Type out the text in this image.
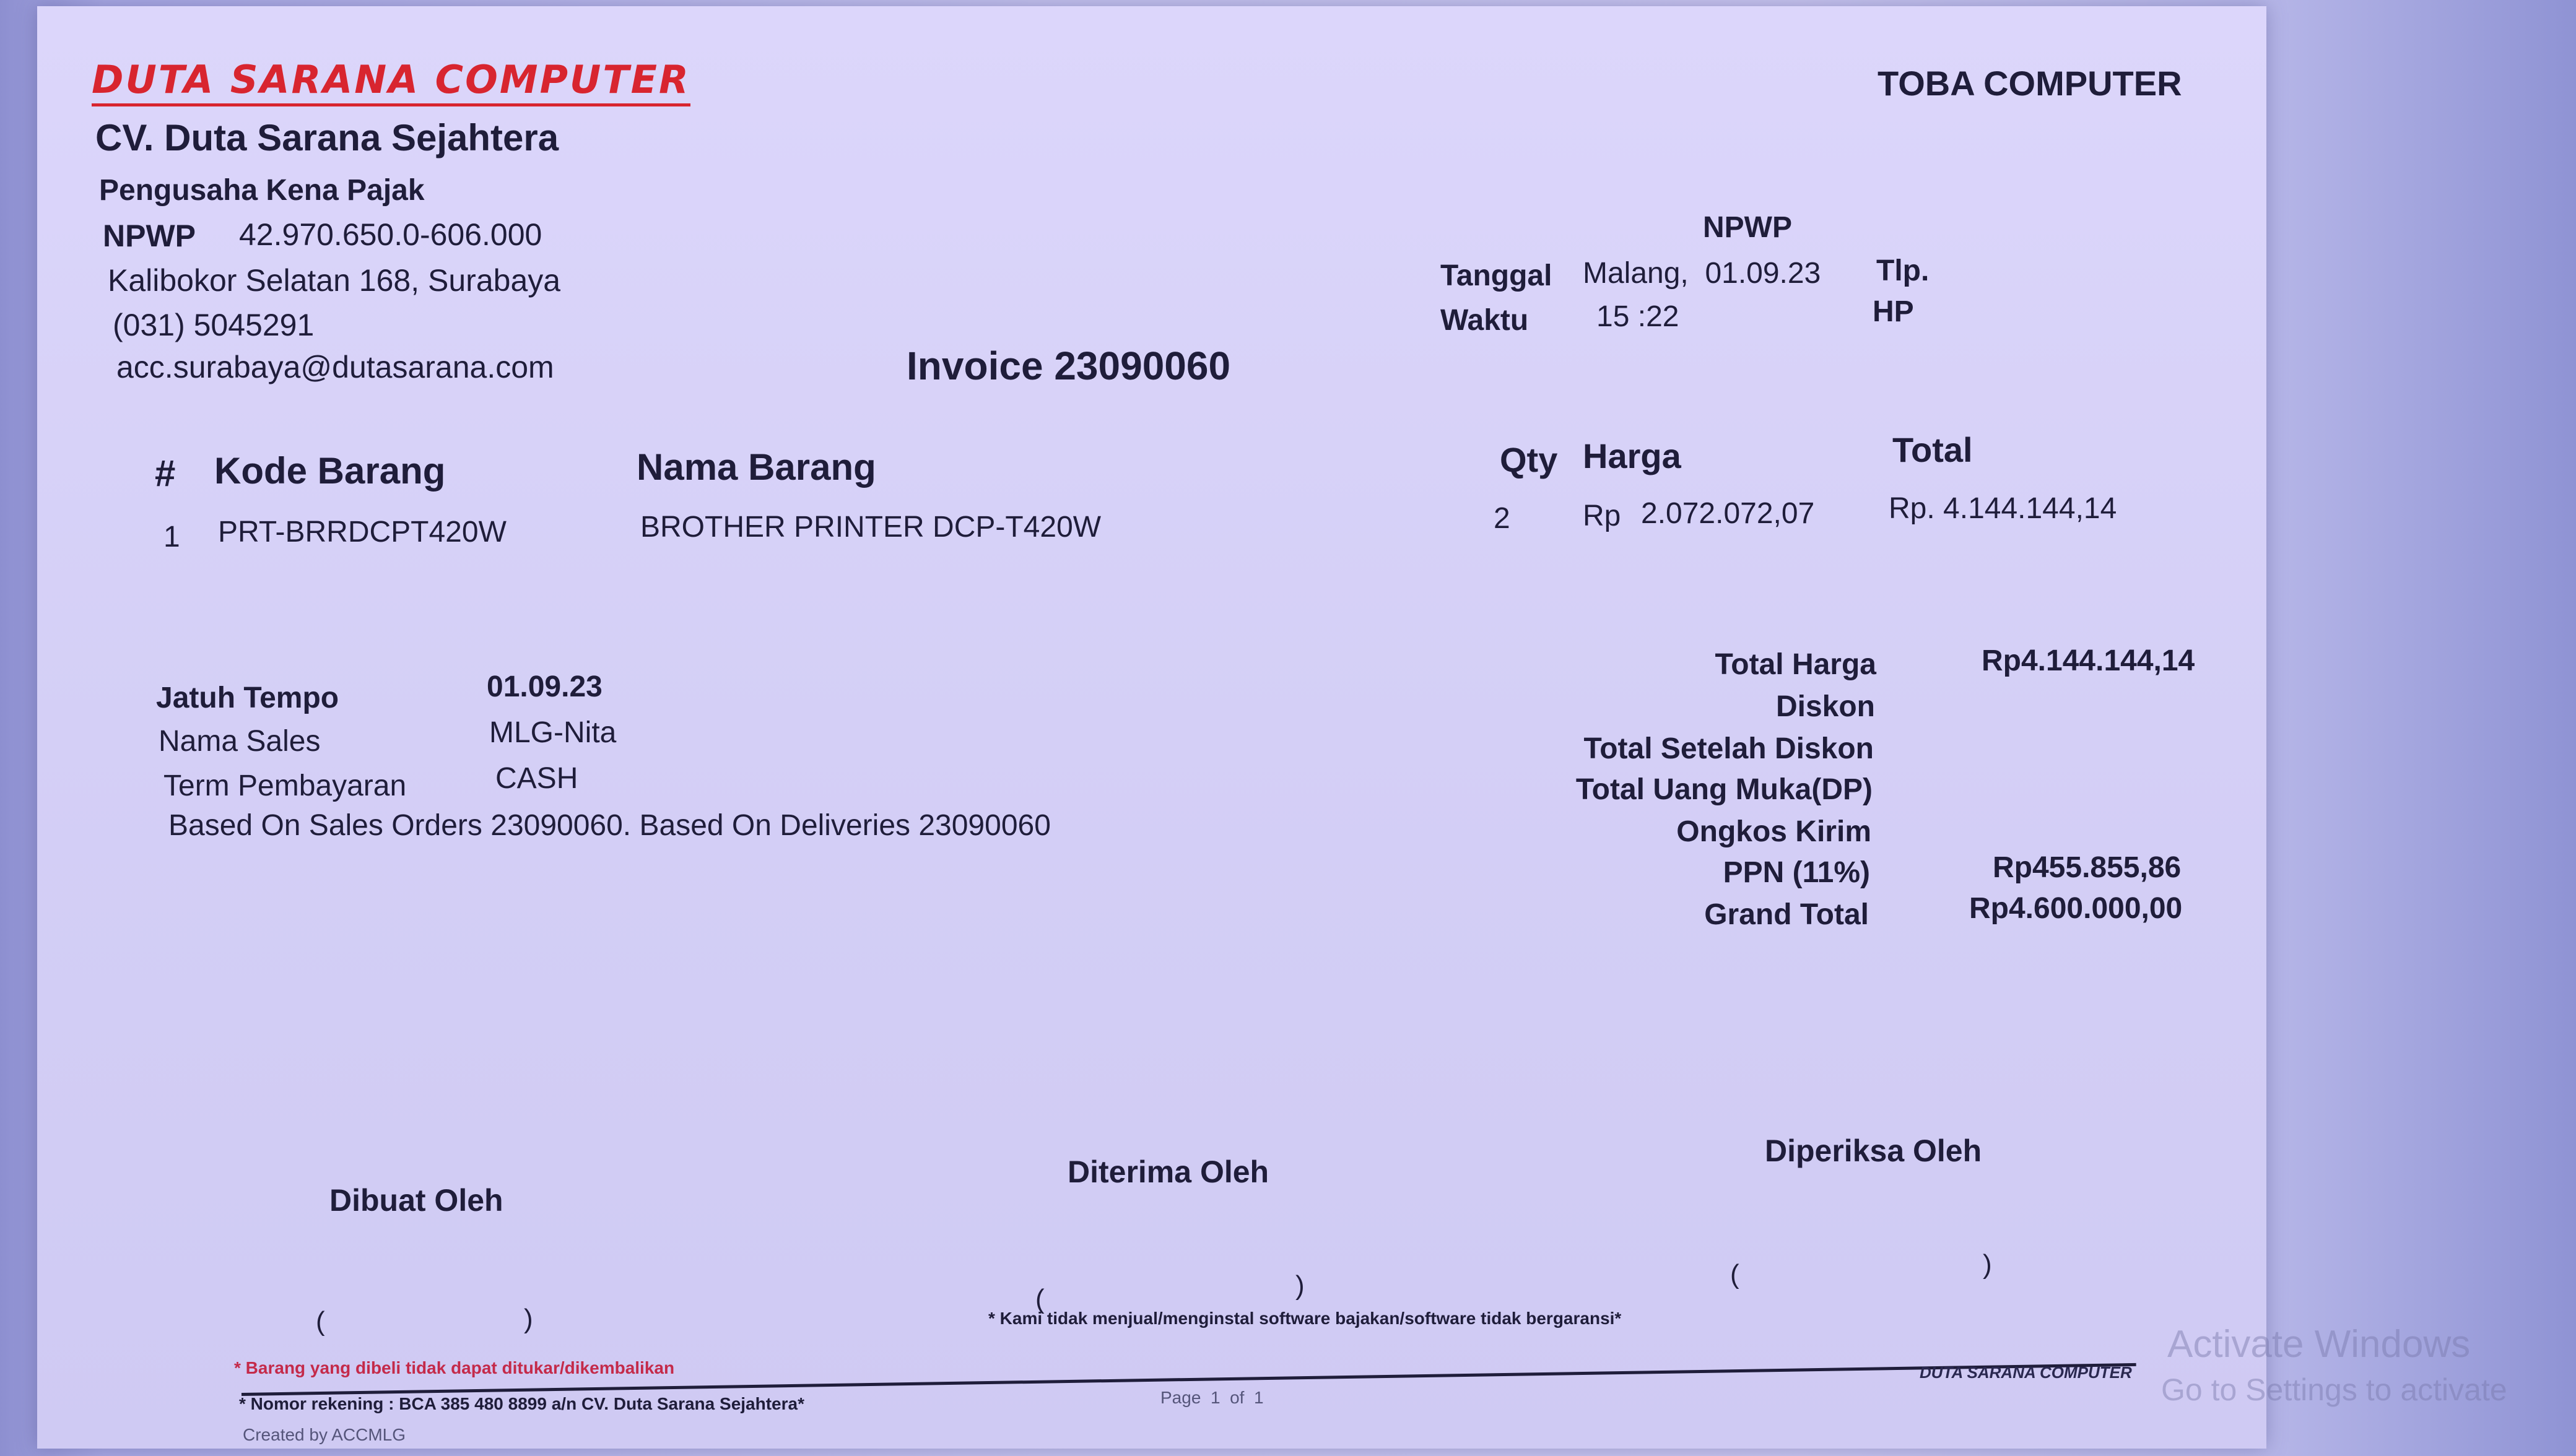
DUTA SARANA COMPUTER
CV. Duta Sarana Sejahtera
Pengusaha Kena Pajak
NPWP 42.970.650.0-606.000
Kalibokor Selatan 168, Surabaya
(031) 5045291
acc.surabaya@dutasarana.com
TOBA COMPUTER
NPWP
Tanggal Malang,  01.09.23 Tlp.
Waktu 15 :22	HP
Invoice 23090060
# Kode Barang	Nama Barang	Qty Harga	Total
1 PRT-BRRDCPT420W	BROTHER PRINTER DCP-T420W	2 Rp 2.072.072,07 Rp. 4.144.144,14
Jatuh Tempo	01.09.23
Nama Sales	MLG-Nita
Term Pembayaran	CASH
Based On Sales Orders 23090060. Based On Deliveries 23090060
Total Harga	Rp4.144.144,14
Diskon
Total Setelah Diskon
Total Uang Muka(DP)
Ongkos Kirim
PPN (11%)	Rp455.855,86
Grand Total	Rp4.600.000,00
Dibuat Oleh
Diterima Oleh
Diperiksa Oleh
(	)
(	)	(	)
* Barang yang dibeli tidak dapat ditukar/dikembalikan
* Kami tidak menjual/menginstal software bajakan/software tidak bergaransi*
* Nomor rekening : BCA 385 480 8899 a/n CV. Duta Sarana Sejahtera*	Page  1  of  1
DUTA SARANA COMPUTER
Created by ACCMLG
Activate Windows
Go to Settings to activate
